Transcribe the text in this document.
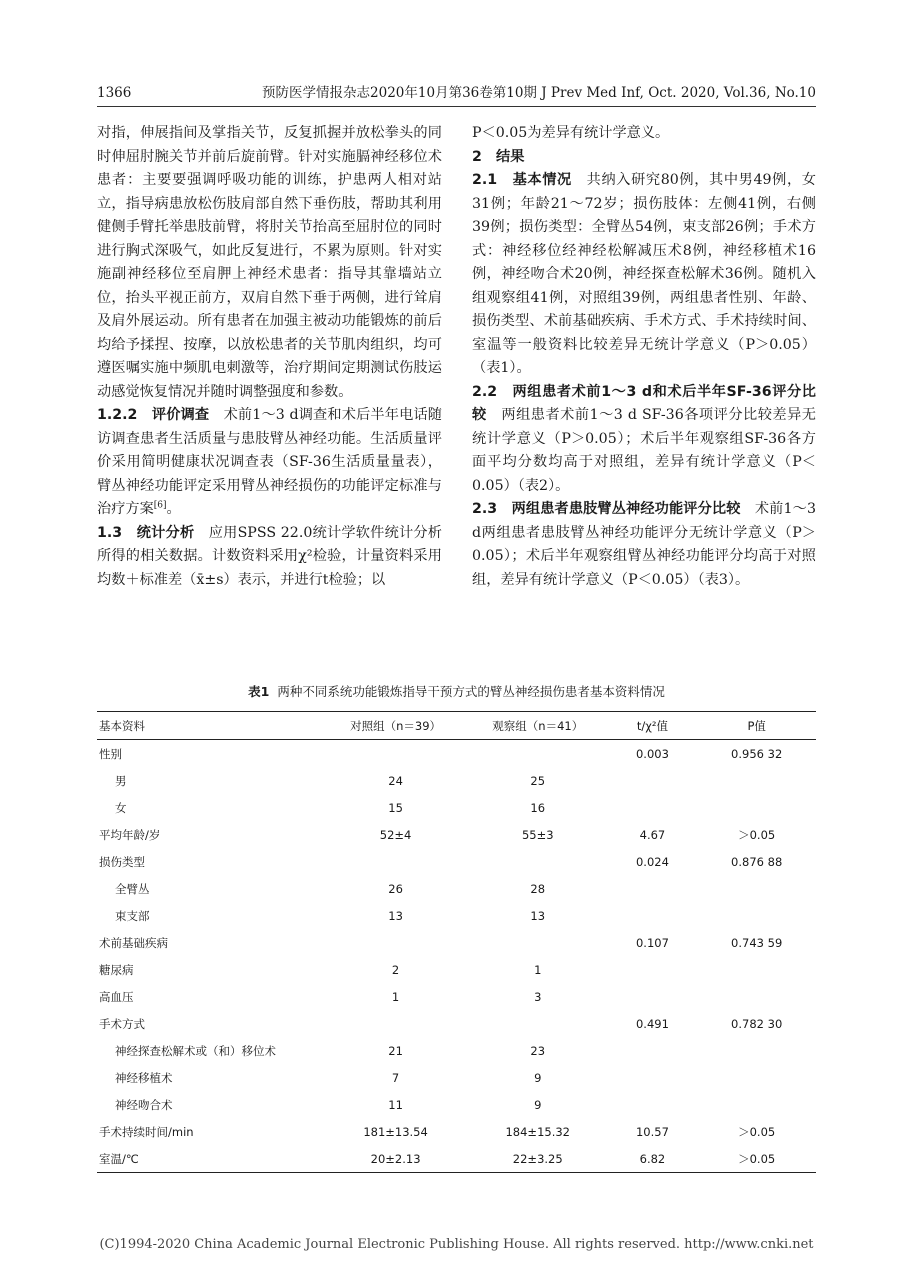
1366	预防医学情报杂志2020年10月第36卷第10期 J Prev Med Inf, Oct. 2020, Vol.36, No.10

对指，伸展指间及掌指关节，反复抓握并放松拳头的同时伸屈肘腕关节并前后旋前臂。针对实施膈神经移位术患者：主要要强调呼吸功能的训练，护患两人相对站立，指导病患放松伤肢肩部自然下垂伤肢，帮助其利用健侧手臂托举患肢前臂，将肘关节抬高至屈肘位的同时进行胸式深吸气，如此反复进行，不累为原则。针对实施副神经移位至肩胛上神经术患者：指导其靠墙站立位，抬头平视正前方，双肩自然下垂于两侧，进行耸肩及肩外展运动。所有患者在加强主被动功能锻炼的前后均给予揉捏、按摩，以放松患者的关节肌肉组织，均可遵医嘱实施中频肌电刺激等，治疗期间定期测试伤肢运动感觉恢复情况并随时调整强度和参数。

1.2.2　评价调查　 术前1～3 d调查和术后半年电话随访调查患者生活质量与患肢臂丛神经功能。生活质量评价采用简明健康状况调查表（SF-36生活质量量表），臂丛神经功能评定采用臂丛神经损伤的功能评定标准与治疗方案[6]。

1.3　统计分析　 应用SPSS 22.0统计学软件统计分析所得的相关数据。计数资料采用χ²检验，计量资料采用均数＋标准差（x̄±s）表示，并进行t检验；以

P＜0.05为差异有统计学意义。

2　结果

2.1　基本情况　 共纳入研究80例，其中男49例，女31例；年龄21～72岁；损伤肢体：左侧41例，右侧39例；损伤类型：全臂丛54例，束支部26例；手术方式：神经移位经神经松解减压术8例，神经移植术16例，神经吻合术20例，神经探查松解术36例。随机入组观察组41例，对照组39例，两组患者性别、年龄、损伤类型、术前基础疾病、手术方式、手术持续时间、室温等一般资料比较差异无统计学意义（P＞0.05）（表1）。

2.2　两组患者术前1～3 d和术后半年SF-36评分比较　 两组患者术前1～3 d SF-36各项评分比较差异无统计学意义（P＞0.05）；术后半年观察组SF-36各方面平均分数均高于对照组，差异有统计学意义（P＜0.05）（表2）。

2.3　两组患者患肢臂丛神经功能评分比较　 术前1～3 d两组患者患肢臂丛神经功能评分无统计学意义（P＞0.05）；术后半年观察组臂丛神经功能评分均高于对照组，差异有统计学意义（P＜0.05）（表3）。

表1 两种不同系统功能锻炼指导干预方式的臂丛神经损伤患者基本资料情况
基本资料	对照组（n＝39）	观察组（n＝41）	t/χ²值	P值
性别			0.003	0.956 32
男	24	25		
女	15	16		
平均年龄/岁	52±4	55±3	4.67	＞0.05
损伤类型			0.024	0.876 88
全臂丛	26	28		
束支部	13	13		
术前基础疾病			0.107	0.743 59
糖尿病	2	1		
高血压	1	3		
手术方式			0.491	0.782 30
神经探查松解术或（和）移位术	21	23		
神经移植术	7	9		
神经吻合术	11	9		
手术持续时间/min	181±13.54	184±15.32	10.57	＞0.05
室温/℃	20±2.13	22±3.25	6.82	＞0.05
(C)1994-2020 China Academic Journal Electronic Publishing House. All rights reserved. http://www.cnki.net
